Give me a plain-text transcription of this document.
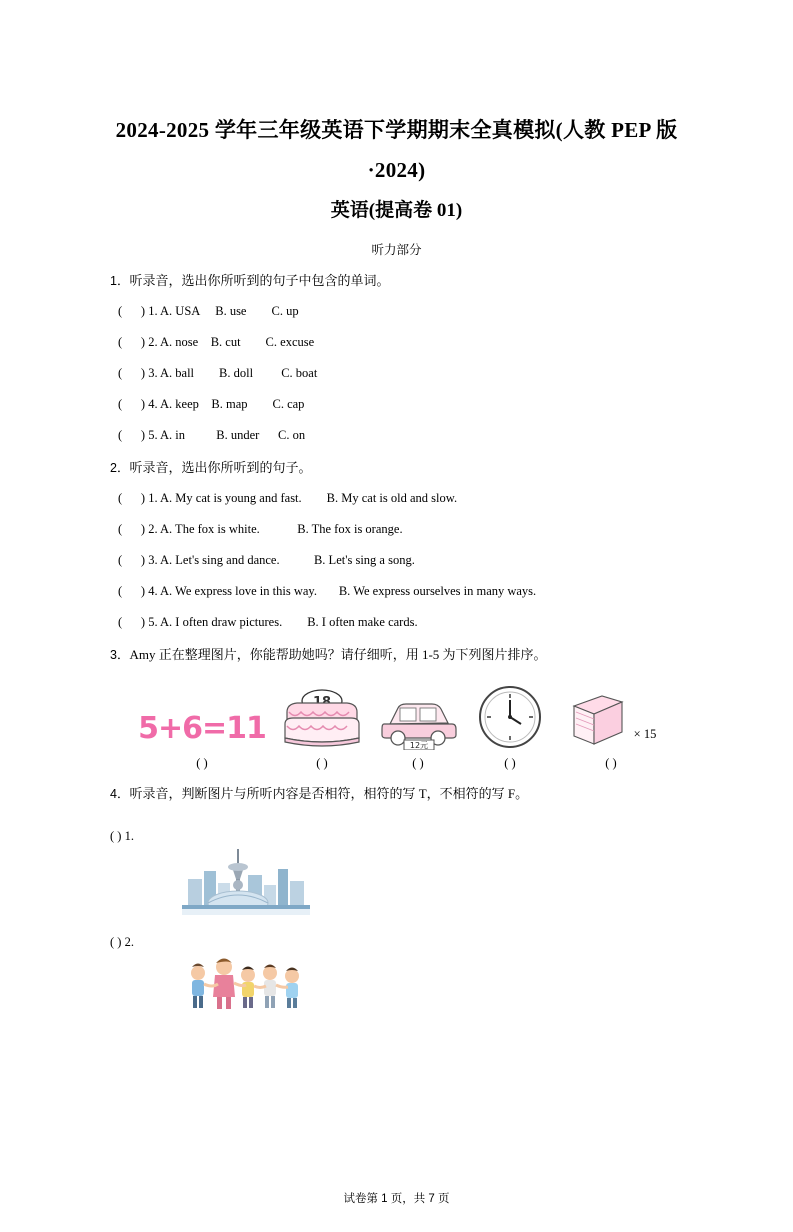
2024-2025 学年三年级英语下学期期末全真模拟(人教 PEP 版·2024)
英语(提高卷 01)
听力部分
1．听录音，选出你所听到的句子中包含的单词。
(      ) 1. A. USA     B. use        C. up
(      ) 2. A. nose    B. cut        C. excuse
(      ) 3. A. ball        B. doll         C. boat
(      ) 4. A. keep    B. map        C. cap
(      ) 5. A. in          B. under      C. on
2．听录音，选出你所听到的句子。
(      ) 1. A. My cat is young and fast.        B. My cat is old and slow.
(      ) 2. A. The fox is white.            B. The fox is orange.
(      ) 3. A. Let's sing and dance.           B. Let's sing a song.
(      ) 4. A. We express love in this way.       B. We express ourselves in many ways.
(      ) 5. A. I often draw pictures.        B. I often make cards.
3．Amy 正在整理图片，你能帮助她吗？请仔细听，用 1-5 为下列图片排序。
5+6=11	12元
× 15
( )	( )	( )	( )	( )
4．听录音，判断图片与所听内容是否相符，相符的写 T，不相符的写 F。
( ) 1.
( ) 2.
试卷第 1 页，共 7 页
